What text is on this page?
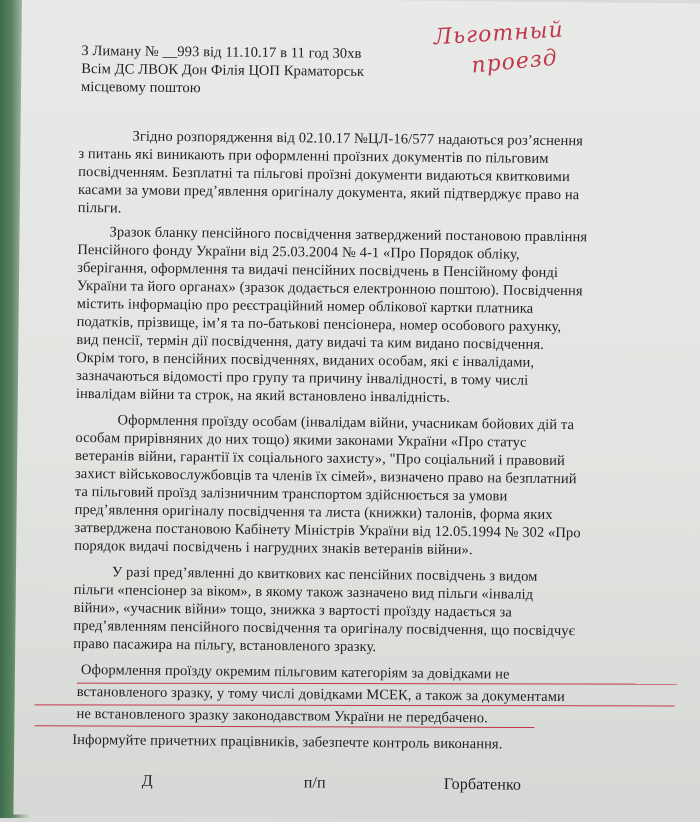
Льготный
проезд
З Лиману № __993 від 11.10.17 в 11 год 30хв
Всім ДС ЛВОК Дон Філія ЦОП Краматорськ
місцевому поштою
Згідно розпорядження від 02.10.17 №ЦЛ-16/577 надаються роз’яснення
з питань які виникають при оформленні проїзних документів по пільговим
посвідченням. Безплатні та пільгові проїзні документи видаються квитковими
касами за умови пред’явлення оригіналу документа, який підтверджує право на
пільги.
Зразок бланку пенсійного посвідчення затверджений постановою правління
Пенсійного фонду України від 25.03.2004 № 4-1 «Про Порядок обліку,
зберігання, оформлення та видачі пенсійних посвідчень в Пенсійному фонді
України та його органах» (зразок додається електронною поштою). Посвідчення
містить інформацію про реєстраційний номер облікової картки платника
податків, прізвище, ім’я та по-батькові пенсіонера, номер особового рахунку,
вид пенсії, термін дії посвідчення, дату видачі та ким видано посвідчення.
Окрім того, в пенсійних посвідченнях, виданих особам, які є інвалідами,
зазначаються відомості про групу та причину інвалідності, в тому числі
інвалідам війни та строк, на який встановлено інвалідність.
Оформлення проїзду особам (інвалідам війни, учасникам бойових дій та
особам прирівняних до них тощо) якими законами України «Про статус
ветеранів війни, гарантії їх соціального захисту», "Про соціальний і правовий
захист військовослужбовців та членів їх сімей», визначено право на безплатний
та пільговий проїзд залізничним транспортом здійснюється за умови
пред’явлення оригіналу посвідчення та листа (книжки) талонів, форма яких
затверджена постановою Кабінету Міністрів України від 12.05.1994 № 302 «Про
порядок видачі посвідчень і нагрудних знаків ветеранів війни».
У разі пред’явленні до квиткових кас пенсійних посвідчень з видом
пільги «пенсіонер за віком», в якому також зазначено вид пільги «інвалід
війни», «учасник війни» тощо, знижка з вартості проїзду надається за
пред’явленням пенсійного посвідчення та оригіналу посвідчення, що посвідчує
право пасажира на пільгу, встановленого зразку.
Оформлення проїзду окремим пільговим категоріям за довідками не
встановленого зразку, у тому числі довідками МСЕК, а також за документами
не встановленого зразку законодавством України не передбачено.
Інформуйте причетних працівників, забезпечте контроль виконання.
Д	п/п	Горбатенко
